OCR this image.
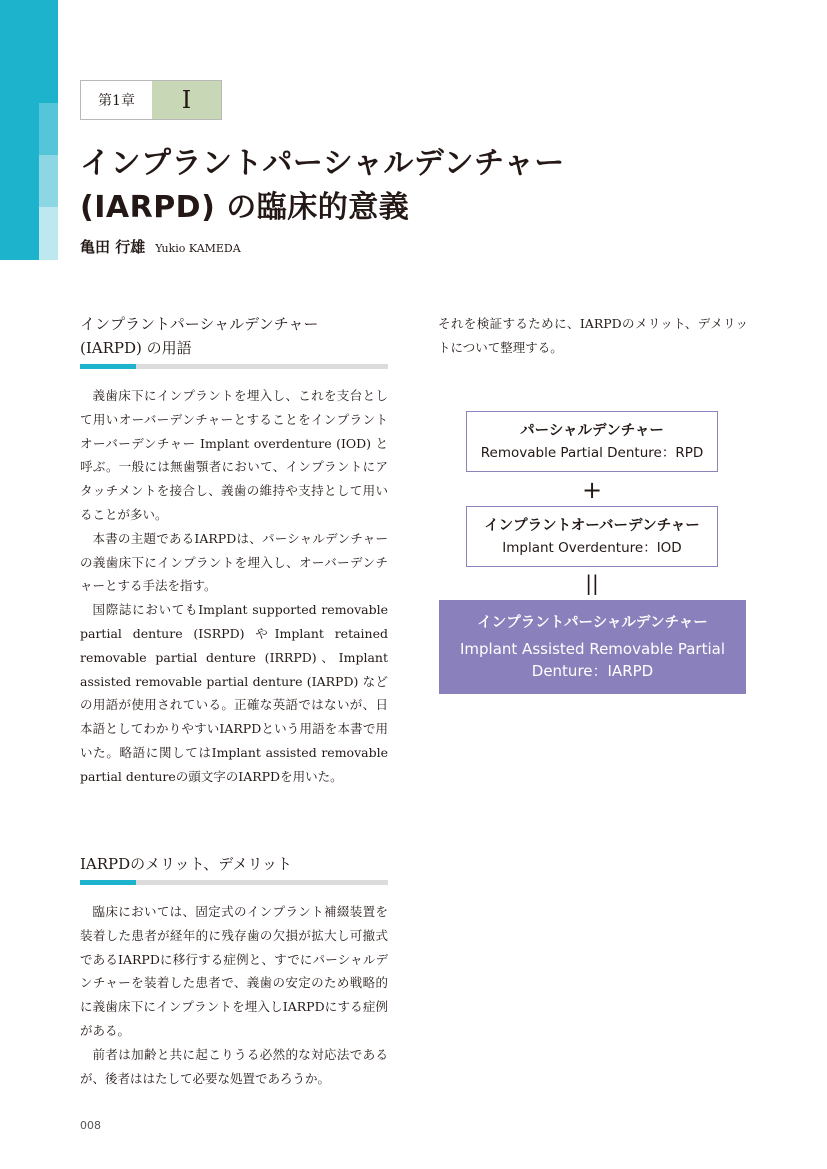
第1章	I
インプラントパーシャルデンチャー
(IARPD) の臨床的意義
亀田 行雄 Yukio KAMEDA
インプラントパーシャルデンチャー
(IARPD) の用語

義歯床下にインプラントを埋入し、これを支台として用いオーバーデンチャーとすることをインプラントオーバーデンチャー Implant overdenture (IOD) と呼ぶ。一般には無歯顎者において、インプラントにアタッチメントを接合し、義歯の維持や支持として用いることが多い。

本書の主題であるIARPDは、パーシャルデンチャーの義歯床下にインプラントを埋入し、オーバーデンチャーとする手法を指す。

国際誌においてもImplant supported removable partial denture (ISRPD) やImplant retained removable partial denture (IRRPD)、Implant assisted removable partial denture (IARPD) などの用語が使用されている。正確な英語ではないが、日本語としてわかりやすいIARPDという用語を本書で用いた。略語に関してはImplant assisted removable partial dentureの頭文字のIARPDを用いた。

IARPDのメリット、デメリット

臨床においては、固定式のインプラント補綴装置を装着した患者が経年的に残存歯の欠損が拡大し可撤式であるIARPDに移行する症例と、すでにパーシャルデンチャーを装着した患者で、義歯の安定のため戦略的に義歯床下にインプラントを埋入しIARPDにする症例がある。

前者は加齢と共に起こりうる必然的な対応法であるが、後者ははたして必要な処置であろうか。

それを検証するために、IARPDのメリット、デメリットについて整理する。

パーシャルデンチャー
Removable Partial Denture：RPD
+
インプラントオーバーデンチャー
Implant Overdenture：IOD
||
インプラントパーシャルデンチャー
Implant Assisted Removable Partial Denture：IARPD
008
